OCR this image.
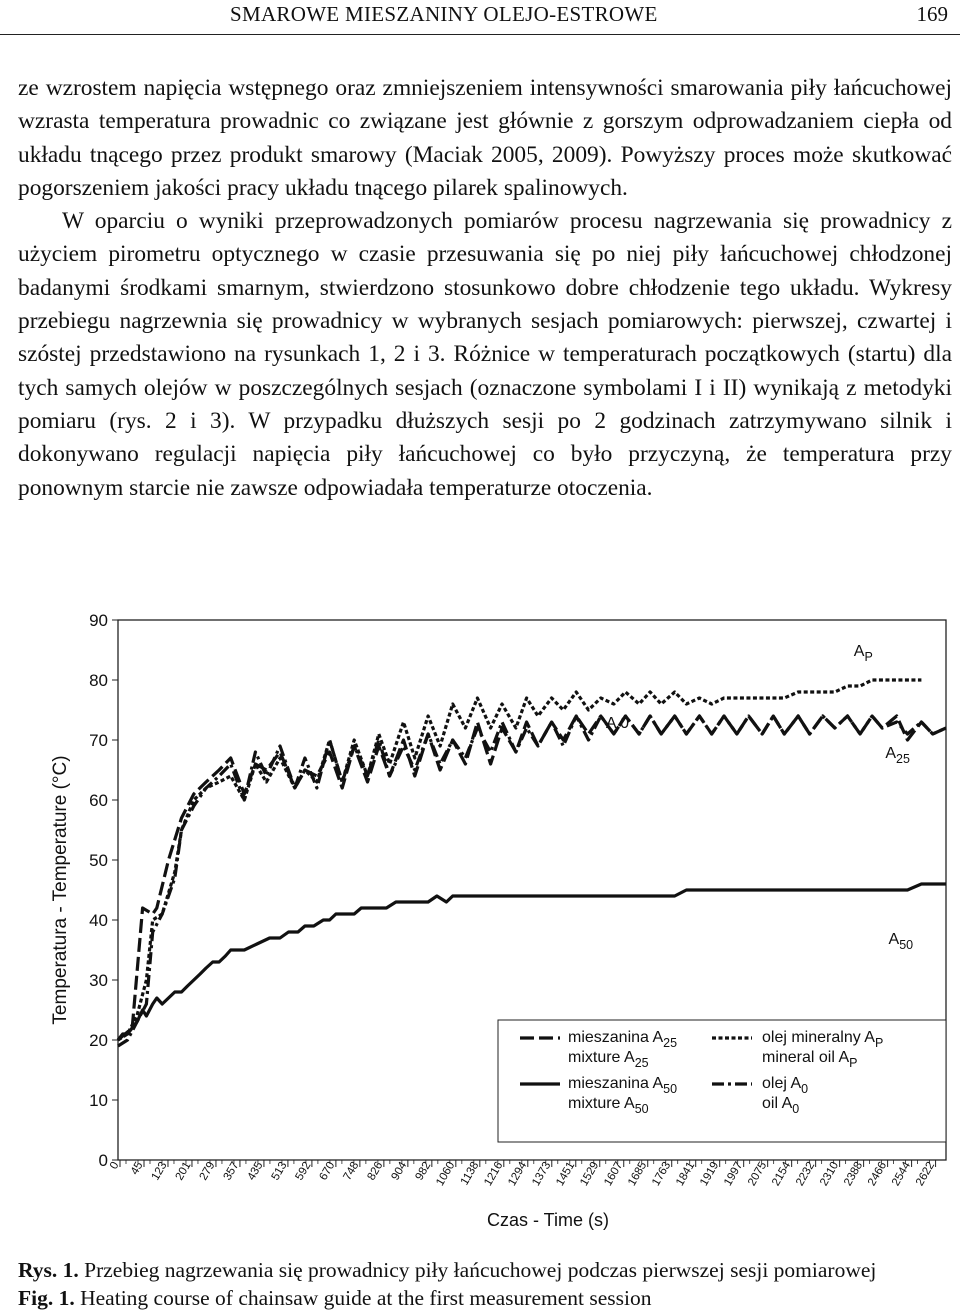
SMAROWE MIESZANINY OLEJO-ESTROWE	169

ze wzrostem napięcia wstępnego oraz zmniejszeniem intensywności smarowania piły łańcuchowej wzrasta temperatura prowadnic co związane jest głównie z gorszym odprowadzaniem ciepła od układu tnącego przez produkt smarowy (Maciak 2005, 2009). Powyższy proces może skutkować pogorszeniem jakości pracy układu tnącego pilarek spalinowych.

W oparciu o wyniki przeprowadzonych pomiarów procesu nagrzewania się prowadnicy z użyciem pirometru optycznego w czasie przesuwania się po niej piły łańcuchowej chłodzonej badanymi środkami smarnym, stwierdzono stosunkowo dobre chłodzenie tego układu. Wykresy przebiegu nagrzewnia się prowadnicy w wybranych sesjach pomiarowych: pierwszej, czwartej i szóstej przedstawiono na rysunkach 1, 2 i 3. Różnice w temperaturach początkowych (startu) dla tych samych olejów w poszczególnych sesjach (oznaczone symbolami I i II) wynikają z metodyki pomiaru (rys. 2 i 3). W przypadku dłuższych sesji po 2 godzinach zatrzymywano silnik i dokonywano regulacji napięcia piły łańcuchowej co było przyczyną, że temperatura przy ponownym starcie nie zawsze odpowiadała temperaturze otoczenia.

0
10
20
30
40
50
60
70
80
90
0 45 123 201 279 357 435 513 592 670 748 826 904 982 1060 1138 1216 1294 1373 1451 1529 1607 1685 1763 1841 1919 1997 2075 2154 2232 2310 2388 2466 2544 2622
Temperatura - Temperature (°C)
Czas - Time (s)
$A_P$
A 0
$A_{25}$
$A_{50}$
mieszanina $A_{25}$
mixture $A_{25}$
olej mineralny $A_P$
mineral oil $A_P$
mieszanina $A_{50}$
mixture $A_{50}$
olej $A_0$
oil $A_0$
Rys. 1. Przebieg nagrzewania się prowadnicy piły łańcuchowej podczas pierwszej sesji pomiarowej
Fig. 1. Heating course of chainsaw guide at the first measurement session
